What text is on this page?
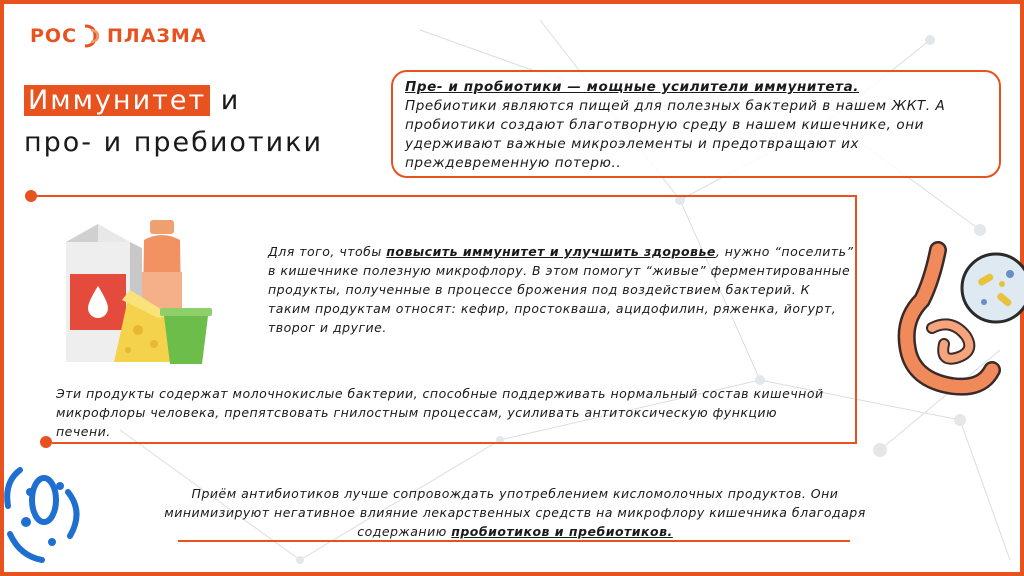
РОС ПЛАЗМА
Иммунитет и
про- и пребиотики

Пре- и пробиотики — мощные усилители иммунитета.

Пребиотики являются пищей для полезных бактерий в нашем ЖКТ. А пробиотики создают благотворную среду в нашем кишечнике, они удерживают важные микроэлементы и предотвращают их преждевременную потерю..

Для того, чтобы повысить иммунитет и улучшить здоровье, нужно “поселить” в кишечнике полезную микрофлору. В этом помогут “живые” ферментированные продукты, полученные в процессе брожения под воздействием бактерий. К таким продуктам относят: кефир, простокваша, ацидофилин, ряженка, йогурт, творог и другие.

Эти продукты содержат молочнокислые бактерии, способные поддерживать нормальный состав кишечной микрофлоры человека, препятсвовать гнилостным процессам, усиливать антитоксическую функцию печени.

Приём антибиотиков лучше сопровождать употреблением кисломолочных продуктов. Они минимизируют негативное влияние лекарственных средств на микрофлору кишечника благодаря содержанию пробиотиков и пребиотиков.
